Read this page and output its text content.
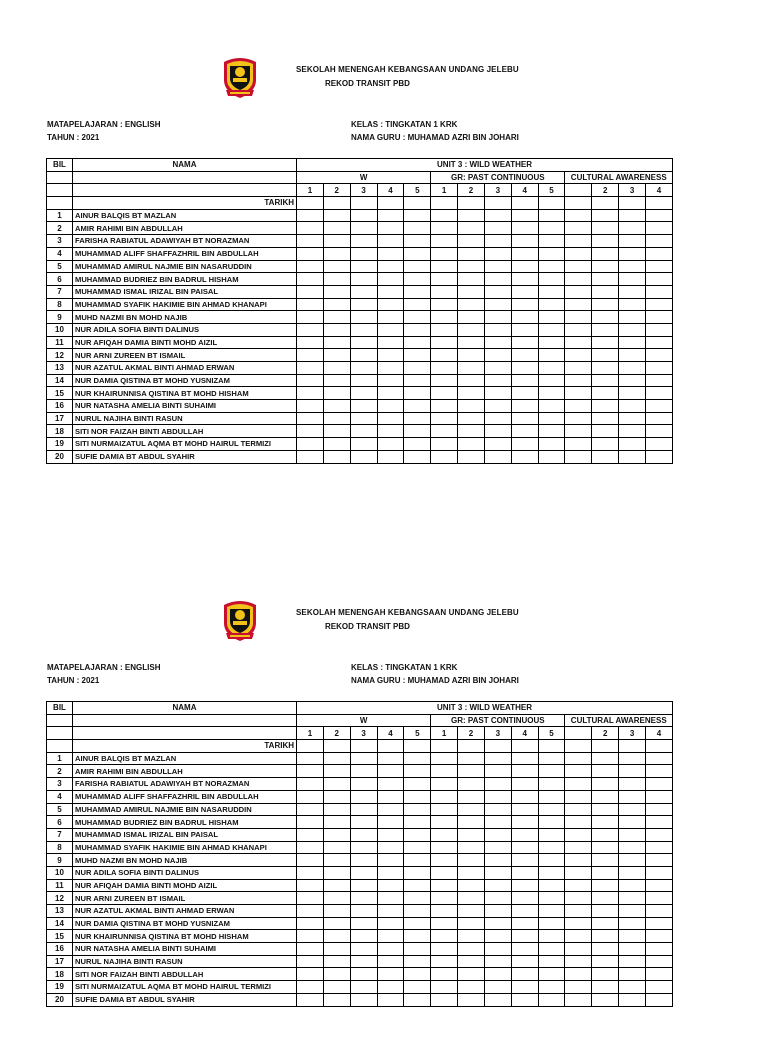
SEKOLAH MENENGAH KEBANGSAAN UNDANG JELEBU
REKOD TRANSIT PBD
MATAPELAJARAN : ENGLISH
TAHUN : 2021
KELAS : TINGKATAN 1 KRK
NAMA GURU : MUHAMAD AZRI BIN JOHARI
BIL	NAMA	UNIT 3 : WILD WEATHER													
		W					GR: PAST CONTINUOUS					CULTURAL AWARENESS			
		1	2	3	4	5	1	2	3	4	5		2	3	4
	TARIKH														
1	AINUR BALQIS BT MAZLAN														
2	AMIR RAHIMI BIN ABDULLAH														
3	FARISHA RABIATUL ADAWIYAH BT NORAZMAN														
4	MUHAMMAD ALIFF SHAFFAZHRIL BIN ABDULLAH														
5	MUHAMMAD AMIRUL NAJMIE BIN NASARUDDIN														
6	MUHAMMAD BUDRIEZ BIN BADRUL HISHAM														
7	MUHAMMAD ISMAL IRIZAL BIN PAISAL														
8	MUHAMMAD SYAFIK HAKIMIE BIN AHMAD KHANAPI														
9	MUHD NAZMI BN MOHD NAJIB														
10	NUR ADILA SOFIA BINTI DALINUS														
11	NUR AFIQAH DAMIA BINTI MOHD AIZIL														
12	NUR ARNI ZUREEN BT ISMAIL														
13	NUR AZATUL AKMAL BINTI AHMAD ERWAN														
14	NUR DAMIA QISTINA BT MOHD YUSNIZAM														
15	NUR KHAIRUNNISA QISTINA BT MOHD HISHAM														
16	NUR NATASHA AMELIA BINTI SUHAIMI														
17	NURUL NAJIHA BINTI RASUN														
18	SITI NOR FAIZAH BINTI ABDULLAH														
19	SITI NURMAIZATUL AQMA BT MOHD HAIRUL TERMIZI														
20	SUFIE DAMIA BT ABDUL SYAHIR														
SEKOLAH MENENGAH KEBANGSAAN UNDANG JELEBU
REKOD TRANSIT PBD
MATAPELAJARAN : ENGLISH
TAHUN : 2021
KELAS : TINGKATAN 1 KRK
NAMA GURU : MUHAMAD AZRI BIN JOHARI
BIL	NAMA	UNIT 3 : WILD WEATHER													
		W					GR: PAST CONTINUOUS					CULTURAL AWARENESS			
		1	2	3	4	5	1	2	3	4	5		2	3	4
	TARIKH														
1	AINUR BALQIS BT MAZLAN														
2	AMIR RAHIMI BIN ABDULLAH														
3	FARISHA RABIATUL ADAWIYAH BT NORAZMAN														
4	MUHAMMAD ALIFF SHAFFAZHRIL BIN ABDULLAH														
5	MUHAMMAD AMIRUL NAJMIE BIN NASARUDDIN														
6	MUHAMMAD BUDRIEZ BIN BADRUL HISHAM														
7	MUHAMMAD ISMAL IRIZAL BIN PAISAL														
8	MUHAMMAD SYAFIK HAKIMIE BIN AHMAD KHANAPI														
9	MUHD NAZMI BN MOHD NAJIB														
10	NUR ADILA SOFIA BINTI DALINUS														
11	NUR AFIQAH DAMIA BINTI MOHD AIZIL														
12	NUR ARNI ZUREEN BT ISMAIL														
13	NUR AZATUL AKMAL BINTI AHMAD ERWAN														
14	NUR DAMIA QISTINA BT MOHD YUSNIZAM														
15	NUR KHAIRUNNISA QISTINA BT MOHD HISHAM														
16	NUR NATASHA AMELIA BINTI SUHAIMI														
17	NURUL NAJIHA BINTI RASUN														
18	SITI NOR FAIZAH BINTI ABDULLAH														
19	SITI NURMAIZATUL AQMA BT MOHD HAIRUL TERMIZI														
20	SUFIE DAMIA BT ABDUL SYAHIR														
